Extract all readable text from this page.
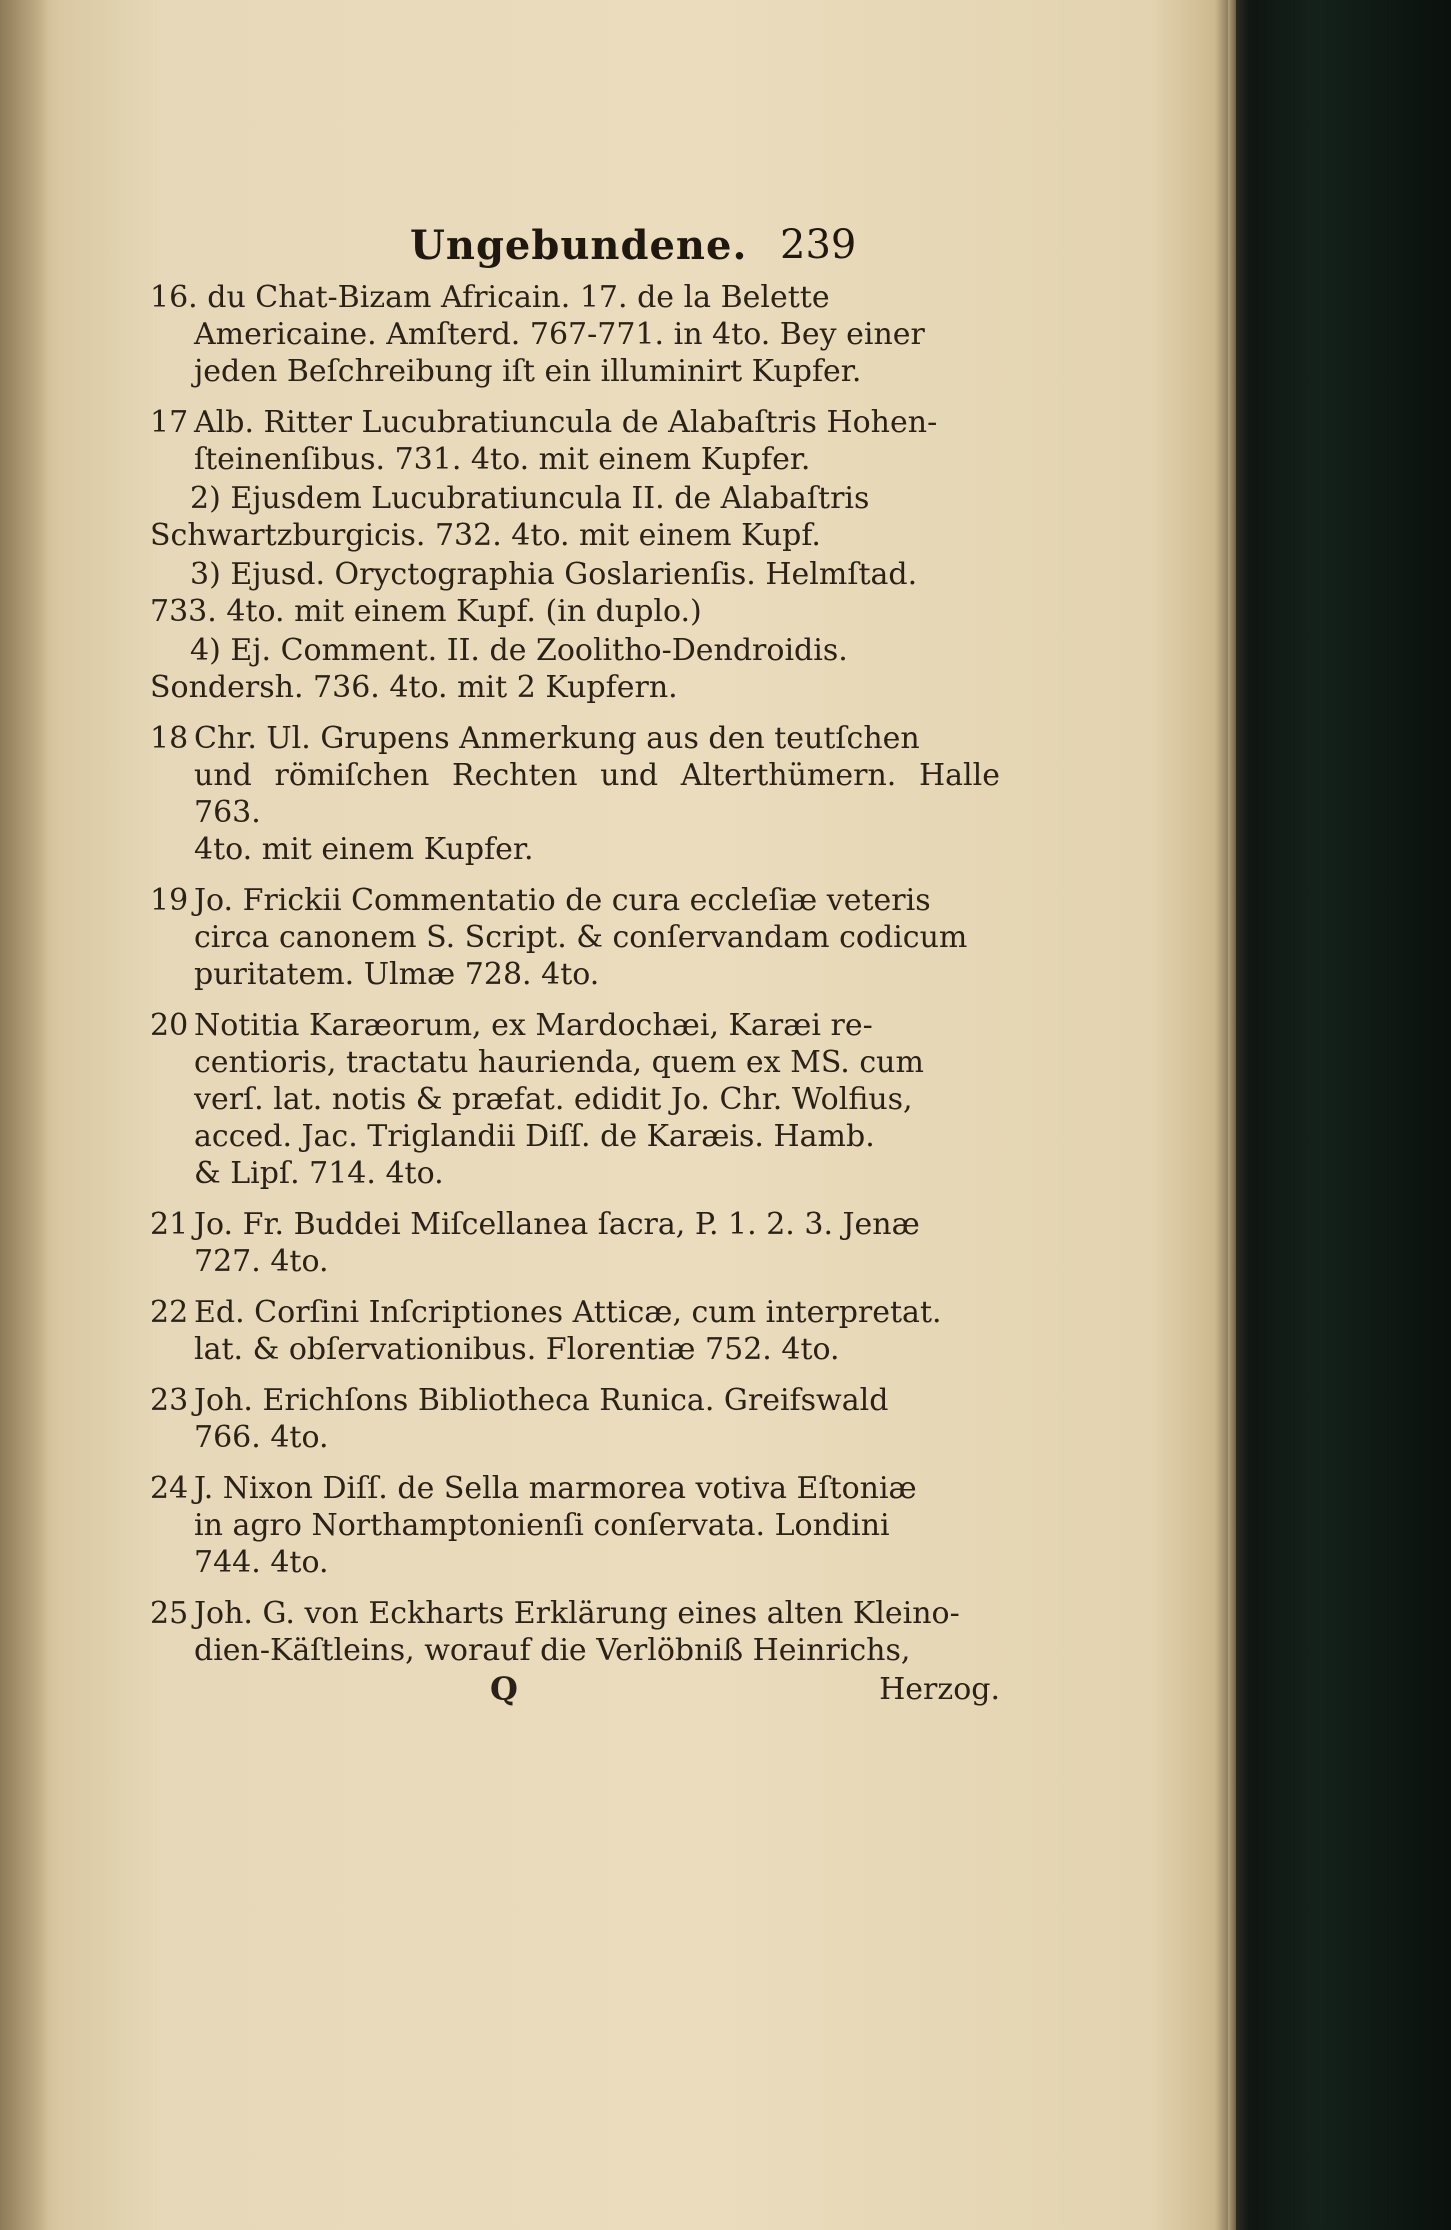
Ungebundene. 239
16. du Chat-Bizam Africain. 17. de la Belette
Americaine. Amſterd. 767-771. in 4to. Bey einer
jeden Beſchreibung iſt ein illuminirt Kupfer.
17 Alb. Ritter Lucubratiuncula de Alabaſtris Hohen-
ſteinenſibus. 731. 4to. mit einem Kupfer.
2) Ejusdem Lucubratiuncula II. de Alabaſtris
Schwartzburgicis. 732. 4to. mit einem Kupf.
3) Ejusd. Oryctographia Goslarienſis. Helmſtad.
733. 4to. mit einem Kupf. (in duplo.)
4) Ej. Comment. II. de Zoolitho-Dendroidis.
Sondersh. 736. 4to. mit 2 Kupfern.
18 Chr. Ul. Grupens Anmerkung aus den teutſchen
und römiſchen Rechten und Alterthümern. Halle 763.
4to. mit einem Kupfer.
19 Jo. Frickii Commentatio de cura eccleſiæ veteris
circa canonem S. Script. & conſervandam codicum
puritatem. Ulmæ 728. 4to.
20 Notitia Karæorum, ex Mardochæi, Karæi re-
centioris, tractatu haurienda, quem ex MS. cum
verſ. lat. notis & præfat. edidit Jo. Chr. Wolfius,
acced. Jac. Triglandii Diſſ. de Karæis. Hamb.
& Lipſ. 714. 4to.
21 Jo. Fr. Buddei Miſcellanea ſacra, P. 1. 2. 3. Jenæ
727. 4to.
22 Ed. Corſini Inſcriptiones Atticæ, cum interpretat.
lat. & obſervationibus. Florentiæ 752. 4to.
23 Joh. Erichſons Bibliotheca Runica. Greifswald
766. 4to.
24 J. Nixon Diſſ. de Sella marmorea votiva Eſtoniæ
in agro Northamptonienſi conſervata. Londini
744. 4to.
25 Joh. G. von Eckharts Erklärung eines alten Kleino-
dien-Käſtleins, worauf die Verlöbniß Heinrichs,
Q	Herzog.
